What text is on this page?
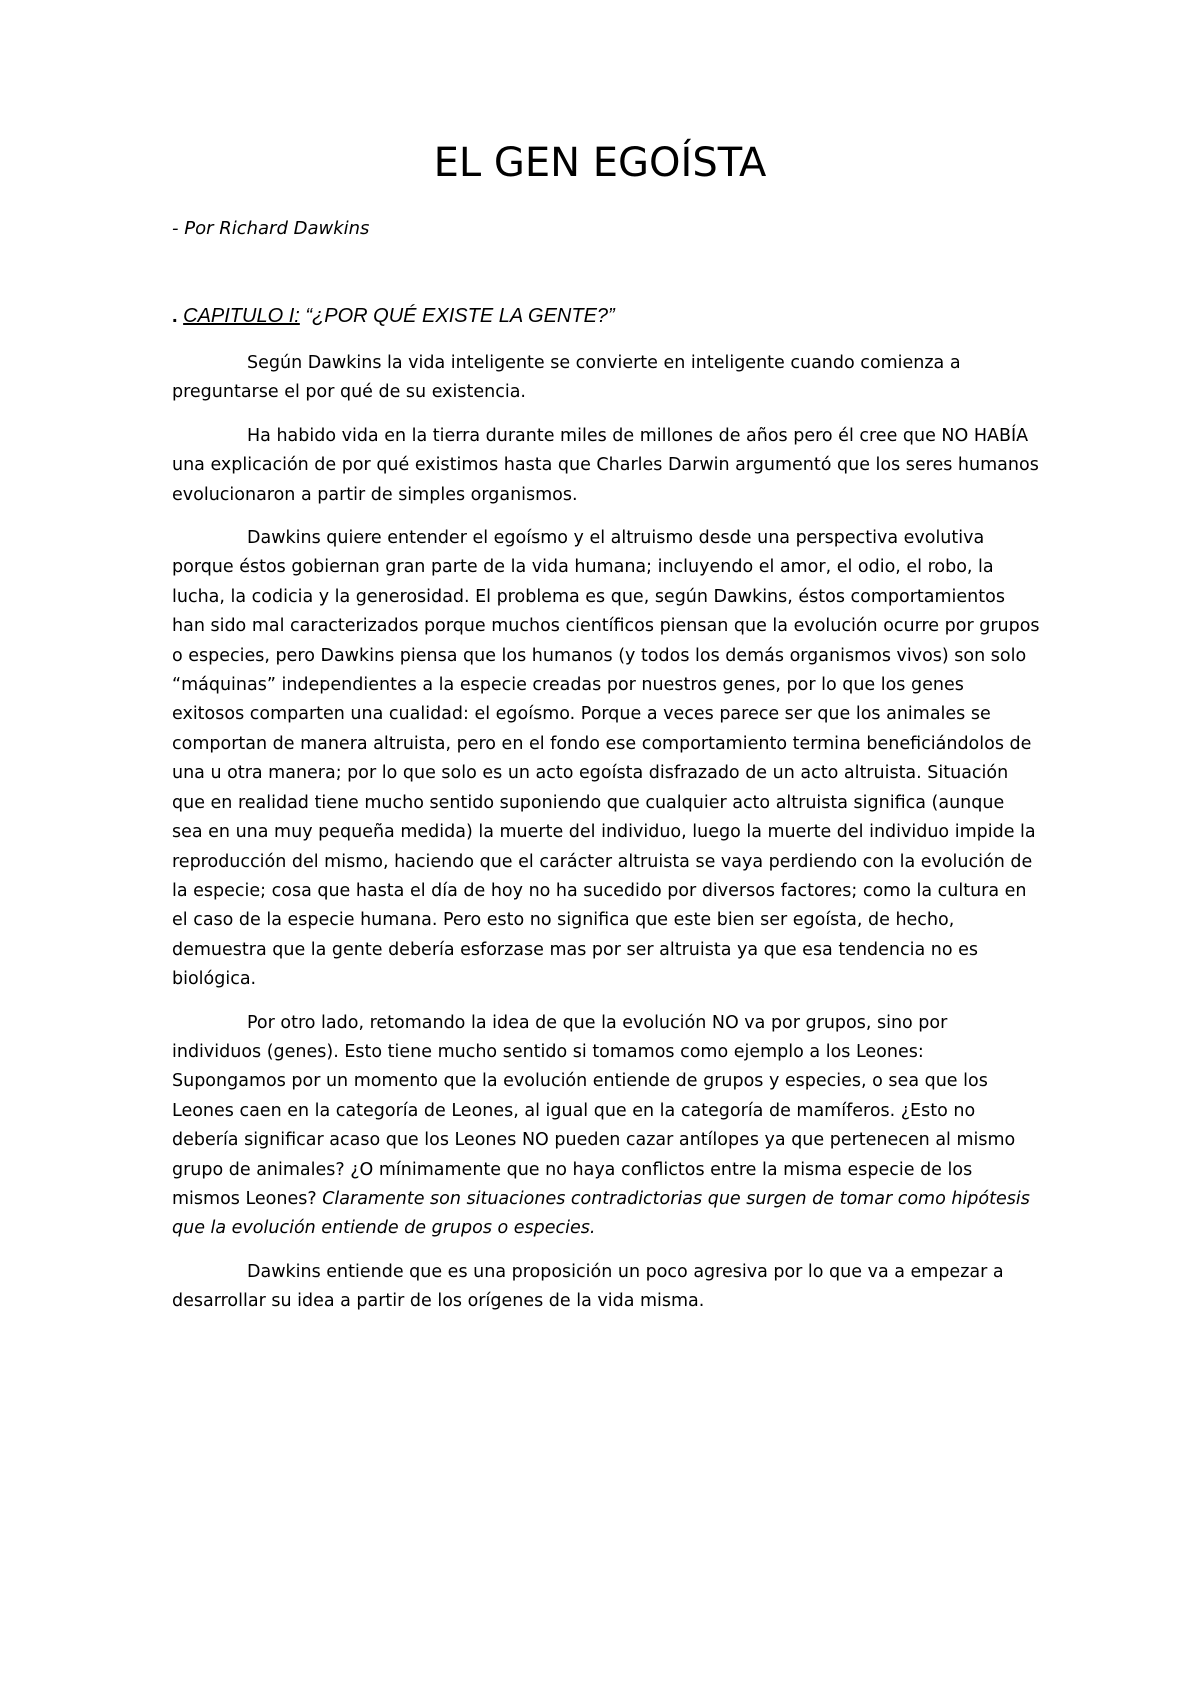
EL GEN EGOÍSTA
- Por Richard Dawkins
. CAPITULO I: “¿POR QUÉ EXISTE LA GENTE?”

Según Dawkins la vida inteligente se convierte en inteligente cuando comienza a preguntarse el por qué de su existencia.

Ha habido vida en la tierra durante miles de millones de años pero él cree que NO HABÍA una explicación de por qué existimos hasta que Charles Darwin argumentó que los seres humanos evolucionaron a partir de simples organismos.

Dawkins quiere entender el egoísmo y el altruismo desde una perspectiva evolutiva porque éstos gobiernan gran parte de la vida humana; incluyendo el amor, el odio, el robo, la lucha, la codicia y la generosidad. El problema es que, según Dawkins, éstos comportamientos han sido mal caracterizados porque muchos científicos piensan que la evolución ocurre por grupos o especies, pero Dawkins piensa que los humanos (y todos los demás organismos vivos) son solo “máquinas” independientes a la especie creadas por nuestros genes, por lo que los genes exitosos comparten una cualidad: el egoísmo. Porque a veces parece ser que los animales se comportan de manera altruista, pero en el fondo ese comportamiento termina beneficiándolos de una u otra manera; por lo que solo es un acto egoísta disfrazado de un acto altruista. Situación que en realidad tiene mucho sentido suponiendo que cualquier acto altruista significa (aunque sea en una muy pequeña medida) la muerte del individuo, luego la muerte del individuo impide la reproducción del mismo, haciendo que el carácter altruista se vaya perdiendo con la evolución de la especie; cosa que hasta el día de hoy no ha sucedido por diversos factores; como la cultura en el caso de la especie humana. Pero esto no significa que este bien ser egoísta, de hecho, demuestra que la gente debería esforzase mas por ser altruista ya que esa tendencia no es biológica.

Por otro lado, retomando la idea de que la evolución NO va por grupos, sino por individuos (genes). Esto tiene mucho sentido si tomamos como ejemplo a los Leones: Supongamos por un momento que la evolución entiende de grupos y especies, o sea que los Leones caen en la categoría de Leones, al igual que en la categoría de mamíferos. ¿Esto no debería significar acaso que los Leones NO pueden cazar antílopes ya que pertenecen al mismo grupo de animales? ¿O mínimamente que no haya conflictos entre la misma especie de los mismos Leones? Claramente son situaciones contradictorias que surgen de tomar como hipótesis que la evolución entiende de grupos o especies.

Dawkins entiende que es una proposición un poco agresiva por lo que va a empezar a desarrollar su idea a partir de los orígenes de la vida misma.
